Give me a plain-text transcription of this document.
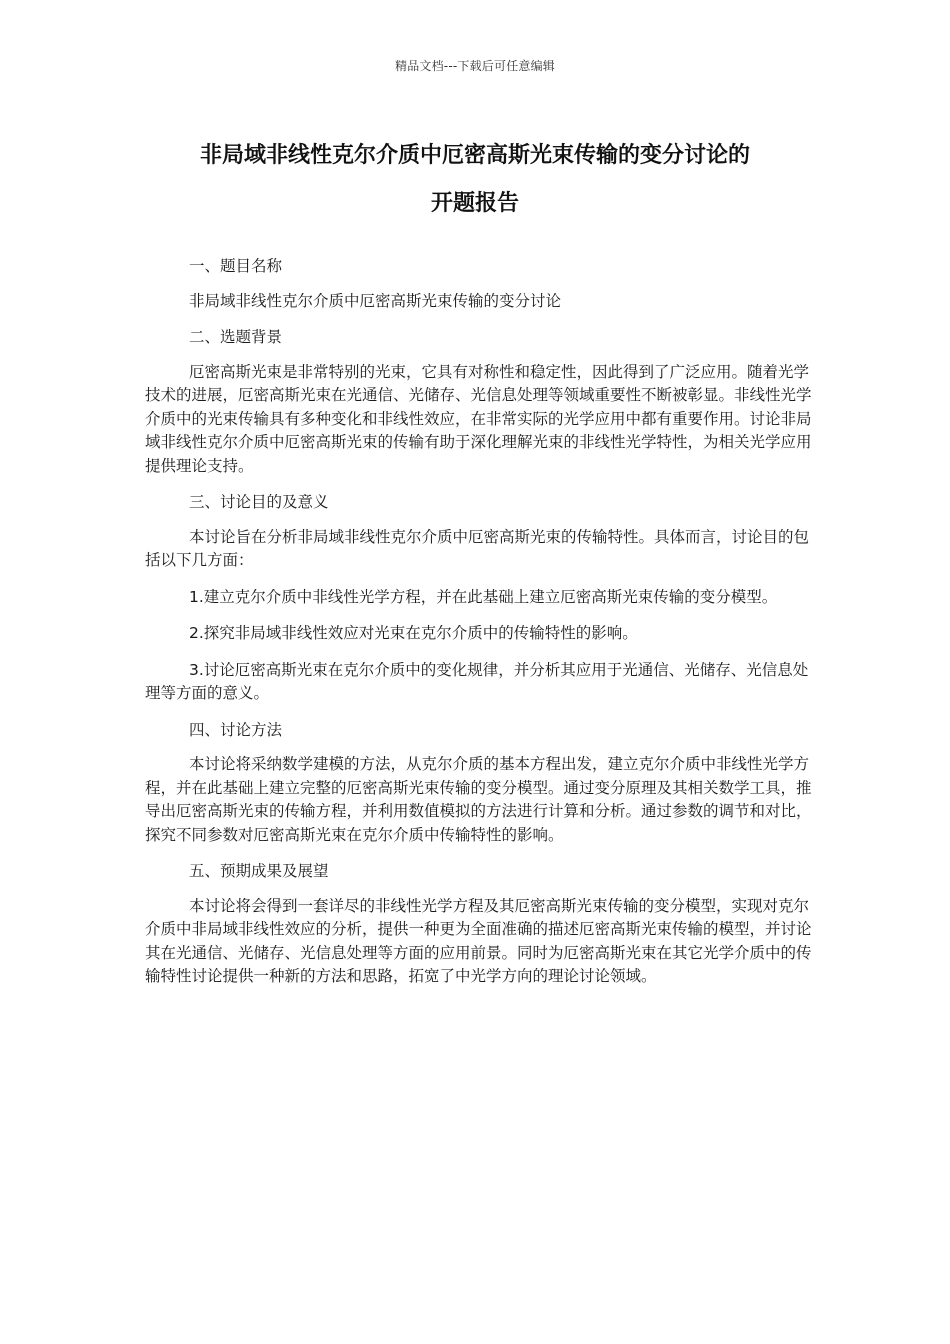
精品文档---下载后可任意编辑
非局域非线性克尔介质中厄密高斯光束传输的变分讨论的
开题报告
一、题目名称
非局域非线性克尔介质中厄密高斯光束传输的变分讨论
二、选题背景
厄密高斯光束是非常特别的光束，它具有对称性和稳定性，因此得到了广泛应用。随着光学技术的进展，厄密高斯光束在光通信、光储存、光信息处理等领域重要性不断被彰显。非线性光学介质中的光束传输具有多种变化和非线性效应，在非常实际的光学应用中都有重要作用。讨论非局域非线性克尔介质中厄密高斯光束的传输有助于深化理解光束的非线性光学特性，为相关光学应用提供理论支持。
三、讨论目的及意义
本讨论旨在分析非局域非线性克尔介质中厄密高斯光束的传输特性。具体而言，讨论目的包括以下几方面：
1.建立克尔介质中非线性光学方程，并在此基础上建立厄密高斯光束传输的变分模型。
2.探究非局域非线性效应对光束在克尔介质中的传输特性的影响。
3.讨论厄密高斯光束在克尔介质中的变化规律，并分析其应用于光通信、光储存、光信息处理等方面的意义。
四、讨论方法
本讨论将采纳数学建模的方法，从克尔介质的基本方程出发，建立克尔介质中非线性光学方程，并在此基础上建立完整的厄密高斯光束传输的变分模型。通过变分原理及其相关数学工具，推导出厄密高斯光束的传输方程，并利用数值模拟的方法进行计算和分析。通过参数的调节和对比，探究不同参数对厄密高斯光束在克尔介质中传输特性的影响。
五、预期成果及展望
本讨论将会得到一套详尽的非线性光学方程及其厄密高斯光束传输的变分模型，实现对克尔介质中非局域非线性效应的分析，提供一种更为全面准确的描述厄密高斯光束传输的模型，并讨论其在光通信、光储存、光信息处理等方面的应用前景。同时为厄密高斯光束在其它光学介质中的传输特性讨论提供一种新的方法和思路，拓宽了中光学方向的理论讨论领域。
